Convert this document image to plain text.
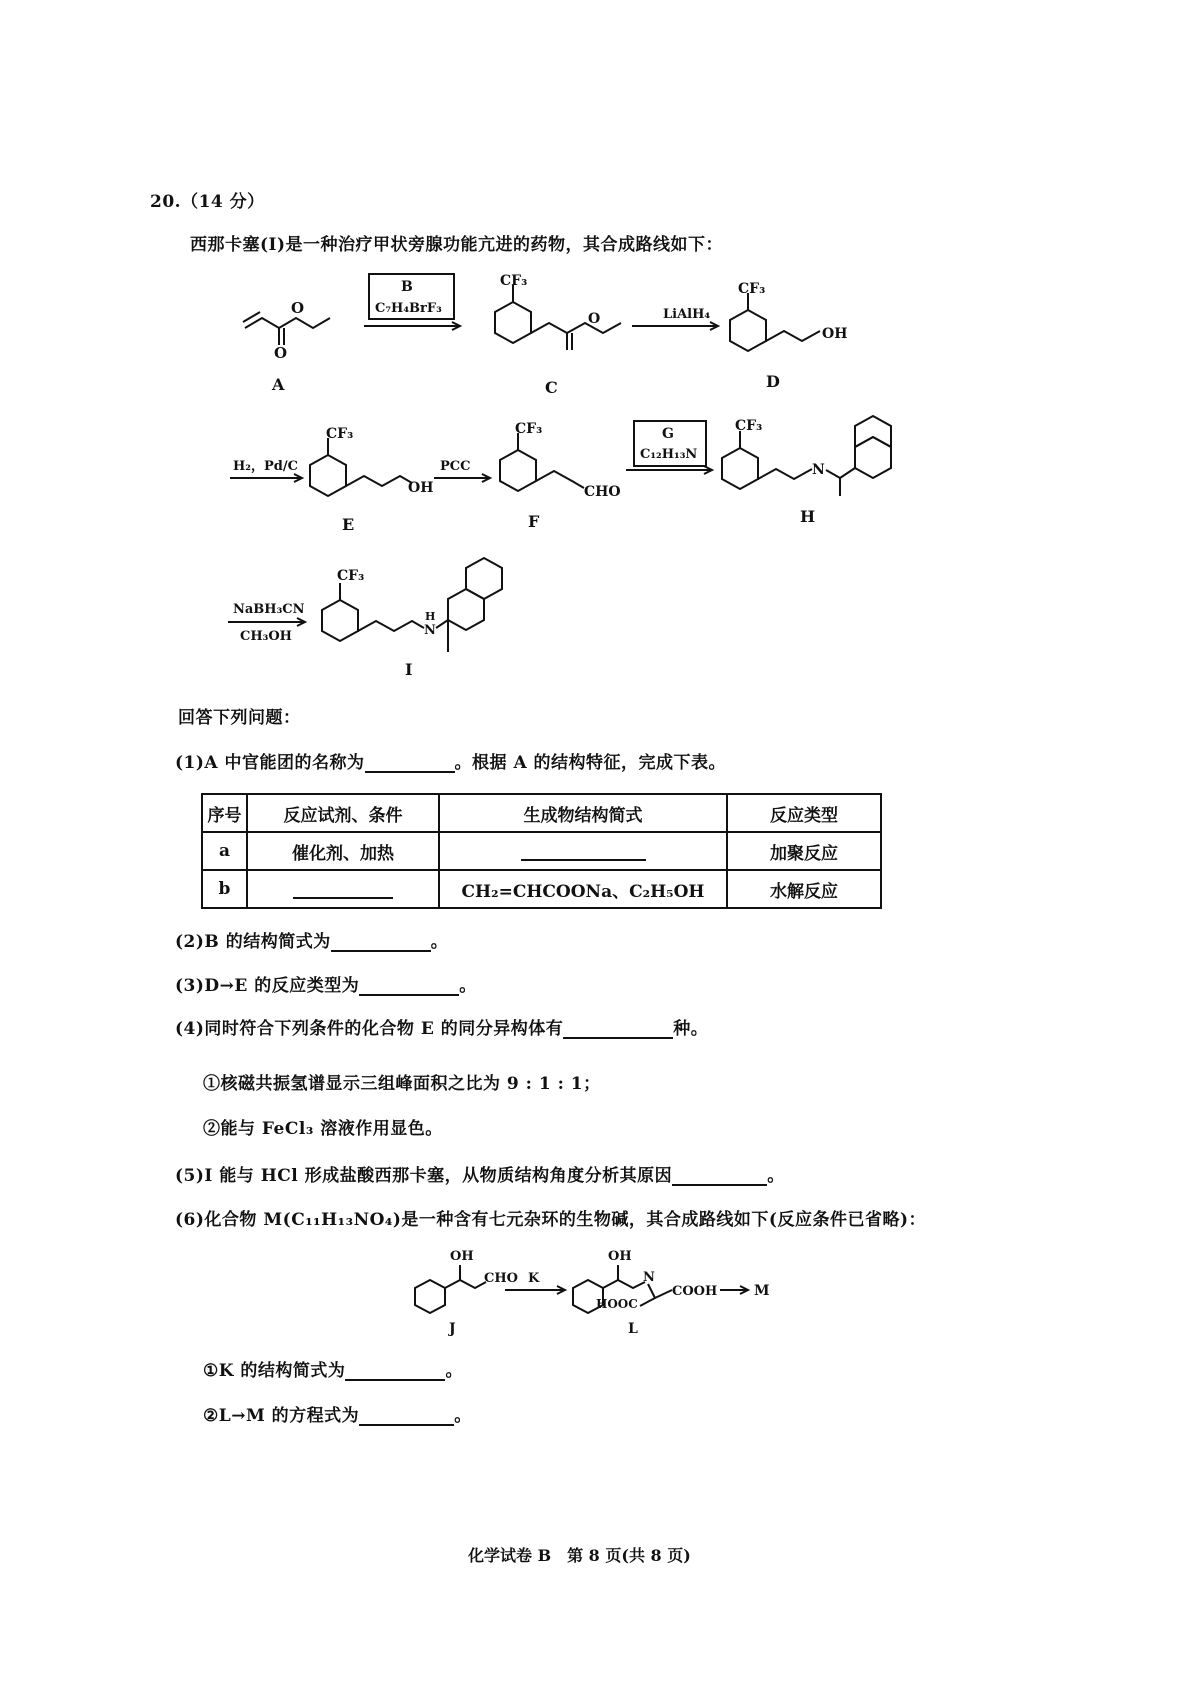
20.（14 分）
西那卡塞(I)是一种治疗甲状旁腺功能亢进的药物，其合成路线如下：
O
O
A
B
C₇H₄BrF₃
CF₃
O
C
LiAlH₄
CF₃
OH
D
H₂，Pd/C
CF₃
OH
E
PCC
CF₃
CHO
F
G
C₁₂H₁₃N
CF₃
N
H
NaBH₃CN
CH₃OH
CF₃
N
H
I
回答下列问题：
(1)A 中官能团的名称为	。根据 A 的结构特征，完成下表。
序号	反应试剂、条件	生成物结构简式	反应类型
a	催化剂、加热		加聚反应
b		CH₂=CHCOONa、C₂H₅OH	水解反应
(2)B 的结构简式为	。
(3)D→E 的反应类型为	。
(4)同时符合下列条件的化合物 E 的同分异构体有	种。
①核磁共振氢谱显示三组峰面积之比为 9 : 1 : 1；
②能与 FeCl₃ 溶液作用显色。
(5)I 能与 HCl 形成盐酸西那卡塞，从物质结构角度分析其原因	。
(6)化合物 M(C₁₁H₁₃NO₄)是一种含有七元杂环的生物碱，其合成路线如下(反应条件已省略)：
OH
CHO
J
K
OH
N
COOH
HOOC
L
M
①K 的结构简式为	。
②L→M 的方程式为	。
化学试卷 B　第 8 页(共 8 页)
